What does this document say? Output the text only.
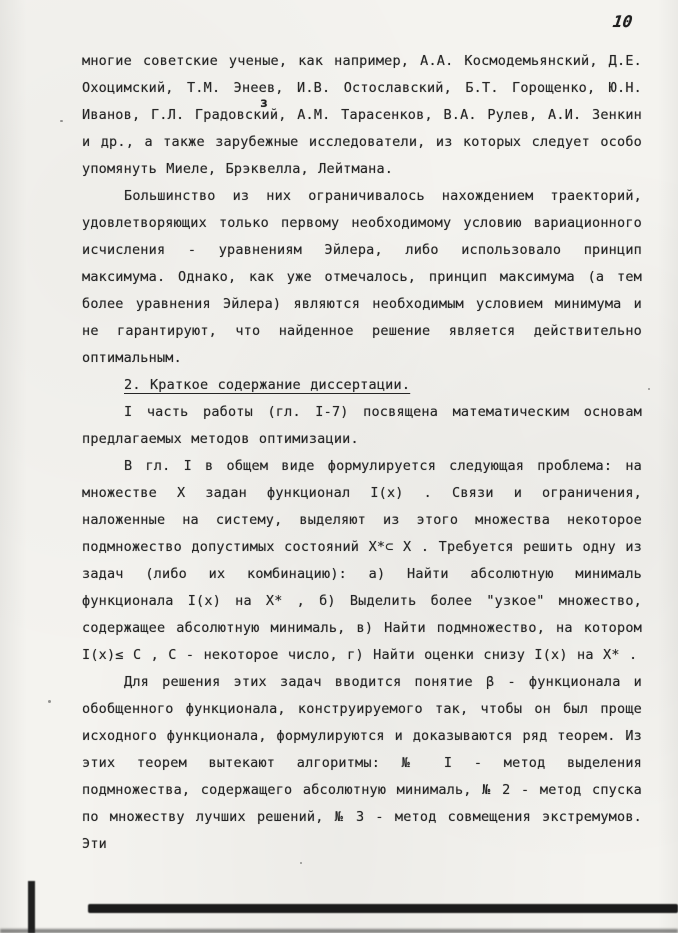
10
з

многие советские ученые, как например, А.А. Космодемьянский, Д.Е. Охоцимский, Т.М. Энеев, И.В. Остославский, Б.Т. Горощенко, Ю.Н. Иванов, Г.Л. Градовский, А.М. Тарасенков, В.А. Рулев, А.И. Зенкин и др., а также зарубежные исследователи, из которых следует особо упомянуть Миеле, Брэквелла, Лейтмана.

Большинство из них ограничивалось нахождением траекторий, удовлетворяющих только первому необходимому условию вариационного исчисления - уравнениям Эйлера, либо использовало принцип максимума. Однако, как уже отмечалось, принцип максимума (а тем более уравнения Эйлера) являются необходимым условием минимума и не гарантируют, что найденное решение является действительно оптимальным.

2. Краткое содержание диссертации.

I часть работы (гл. I-7) посвящена математическим основам предлагаемых методов оптимизации.

В гл. I в общем виде формулируется следующая проблема: на множестве X задан функционал I(x) . Связи и ограничения, наложенные на систему, выделяют из этого множества некоторое подмножество допустимых состояний X*⊂ X . Требуется решить одну из задач (либо их комбинацию): а) Найти абсолютную минималь функционала I(x) на X* , б) Выделить более "узкое" множество, содержащее абсолютную минималь, в) Найти подмножество, на котором I(x)≤ C , C - некоторое число, г) Найти оценки снизу I(x) на X* .

Для решения этих задач вводится понятие β - функционала и обобщенного функционала, конструируемого так, чтобы он был проще исходного функционала, формулируются и доказываются ряд теорем. Из этих теорем вытекают алгоритмы: № I - метод выделения подмножества, содержащего абсолютную минималь, № 2 - метод спуска по множеству лучших решений, № 3 - метод совмещения экстремумов. Эти
